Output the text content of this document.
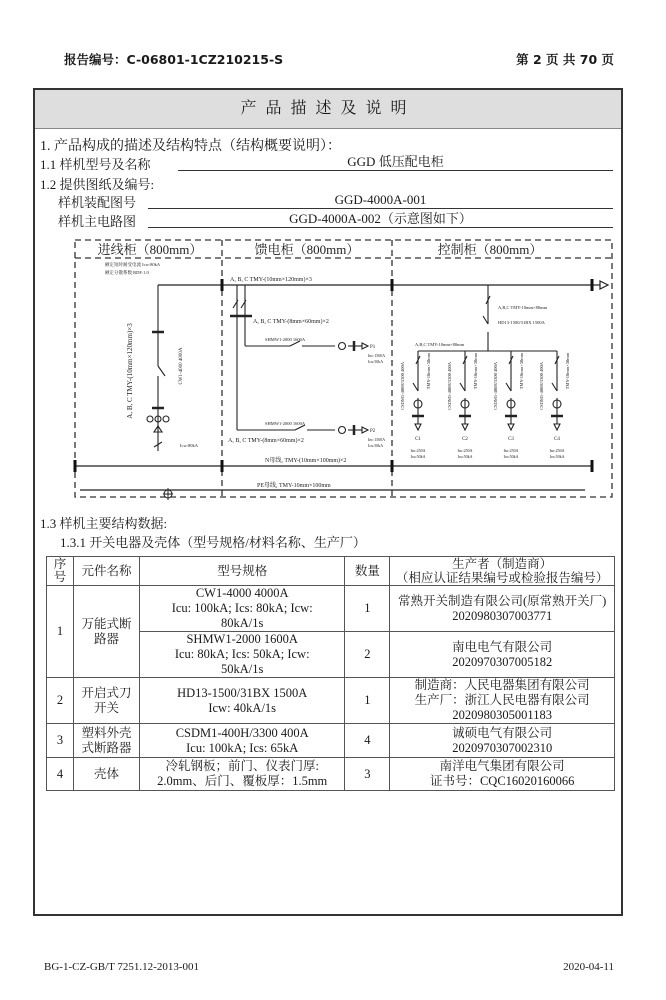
报告编号：C-06801-1CZ210215-S	第 2 页 共 70 页
产品描述及说明
1. 产品构成的描述及结构特点（结构概要说明）：
1.1 样机型号及名称	GGD 低压配电柜
1.2 提供图纸及编号:
样机装配图号	GGD-4000A-001
样机主电路图	GGD-4000A-002（示意图如下）
进线柜（800mm）	馈电柜（800mm）	控制柜（800mm）
额定短时耐受电流 Icw:80kA
额定分散系数 RDF:1.0
A, B, C TMY-(10mm×120mm)×3	CW1-4000 4000A
Icw:80kA
A, B, C TMY-(10mm×120mm)×3
A, B, C TMY-(8mm×60mm)×2
SHMW1-2000 1600A
P1
Inc:1500A
Icu:50kA
SHMW1-2000 1600A
A, B, C TMY-(8mm×60mm)×2
P2
Inc:1500A
Icu:50kA
N母线, TMY-(10mm×100mm)×2
PE母线, TMY-10mm×100mm
A,B,C TMY-10mm×80mm
HD13-1500/31BX 1500A
A,B,C TMY-10mm×80mm
CSDM1-400H/3300 400A	TMY-10mm×30mm
C1
Inc:250A
Icu:50kA
CSDM1-400H/3300 400A	TMY-10mm×30mm
C2
Inc:250A
Icu:50kA
CSDM1-400H/3300 400A	TMY-10mm×30mm
C3
Inc:250A
Icu:50kA
CSDM1-400H/3300 400A	TMY-10mm×30mm
C4
Inc:250A
Icu:50kA
1.3 样机主要结构数据:
1.3.1 开关电器及壳体（型号规格/材料名称、生产厂）
序号	元件名称	型号规格	数量	生产者（制造商）
（相应认证结果编号或检验报告编号）
1	万能式断路器	CW1-4000 4000A
Icu: 100kA; Ics: 80kA; Icw:
80kA/1s	1	常熟开关制造有限公司(原常熟开关厂)
2020980307003771
		SHMW1-2000 1600A
Icu: 80kA; Ics: 50kA; Icw:
50kA/1s	2	南电电气有限公司
2020970307005182
2	开启式刀开关	HD13-1500/31BX 1500A
Icw: 40kA/1s	1	制造商：人民电器集团有限公司
生产厂：浙江人民电器有限公司
2020980305001183
3	塑料外壳式断路器	CSDM1-400H/3300 400A
Icu: 100kA; Ics: 65kA	4	诚硕电气有限公司
2020970307002310
4	壳体	冷轧钢板；前门、仪表门厚:
2.0mm、后门、覆板厚：1.5mm	3	南洋电气集团有限公司
证书号：CQC16020160066
BG-1-CZ-GB/T 7251.12-2013-001	2020-04-11
